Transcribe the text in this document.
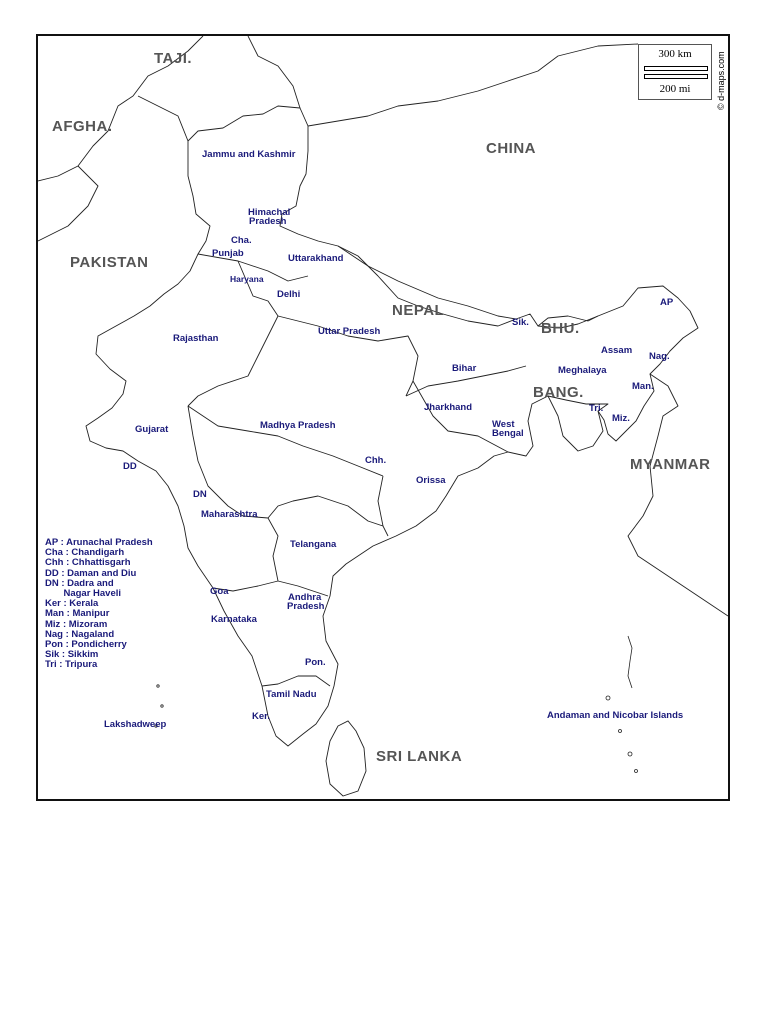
TAJI.
AFGHA.
CHINA
PAKISTAN
NEPAL
BHU.
BANG.
MYANMAR
SRI LANKA
Jammu and Kashmir
Himachal
Pradesh
Cha.
Punjab
Haryana
Uttarakhand
Delhi
Rajasthan
Uttar Pradesh
Sik.
AP
Assam
Nag.
Meghalaya
Man.
Bihar
Tri.
Miz.
Jharkhand
West
Bengal
Gujarat	Madhya Pradesh
DD
Chh.
Orissa
DN
Maharashtra
Telangana
Goa
Andhra
Pradesh
Karnataka
Pon.
Tamil Nadu
Ker.
Lakshadweep
Andaman and Nicobar Islands
AP : Arunachal Pradesh
Cha : Chandigarh
Chh : Chhattisgarh
DD : Daman and Diu
DN : Dadra and
Nagar Haveli
Ker : Kerala
Man : Manipur
Miz : Mizoram
Nag : Nagaland
Pon : Pondicherry
Sik : Sikkim
Tri : Tripura
300 km
200 mi	© d-maps.com
